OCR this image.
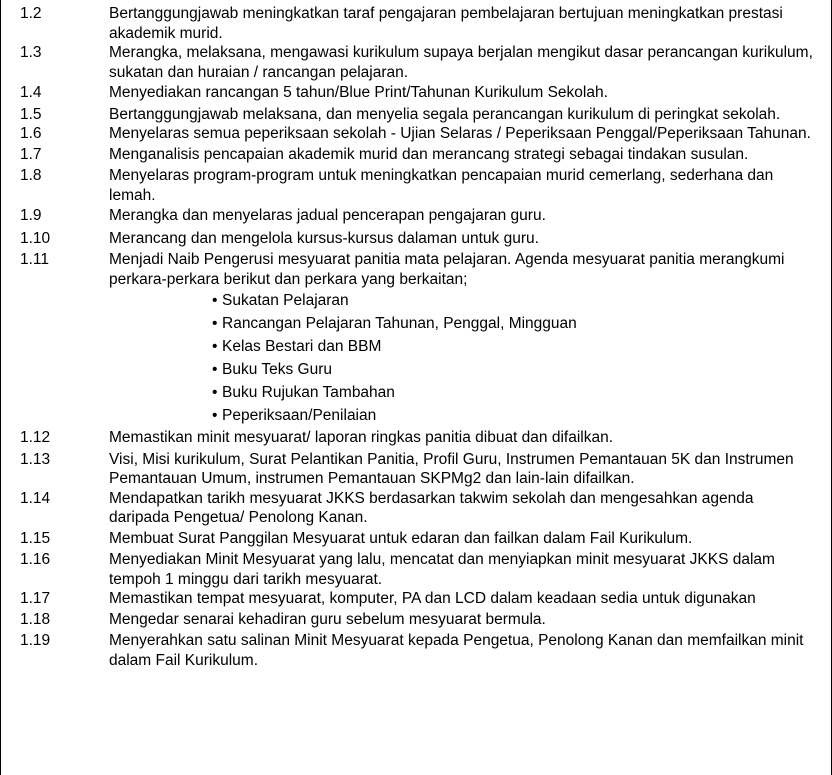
1.2	Bertanggungjawab meningkatkan taraf pengajaran pembelajaran bertujuan meningkatkan prestasi akademik murid.
1.3	Merangka, melaksana, mengawasi kurikulum supaya berjalan mengikut dasar perancangan kurikulum, sukatan dan huraian / rancangan pelajaran.
1.4	Menyediakan rancangan 5 tahun/Blue Print/Tahunan Kurikulum Sekolah.
1.5	Bertanggungjawab melaksana, dan menyelia segala perancangan kurikulum di peringkat sekolah.
1.6	Menyelaras semua peperiksaan sekolah - Ujian Selaras / Peperiksaan Penggal/Peperiksaan Tahunan.
1.7	Menganalisis pencapaian akademik murid dan merancang strategi sebagai tindakan susulan.
1.8	Menyelaras program-program untuk meningkatkan pencapaian murid cemerlang, sederhana dan lemah.
1.9	Merangka dan menyelaras jadual pencerapan pengajaran guru.
1.10	Merancang dan mengelola kursus-kursus dalaman untuk guru.
1.11	Menjadi Naib Pengerusi mesyuarat panitia mata pelajaran. Agenda mesyuarat panitia merangkumi perkara-perkara berikut dan perkara yang berkaitan;
• Sukatan Pelajaran
• Rancangan Pelajaran Tahunan, Penggal, Mingguan
• Kelas Bestari dan BBM
• Buku Teks Guru
• Buku Rujukan Tambahan
• Peperiksaan/Penilaian
1.12	Memastikan minit mesyuarat/ laporan ringkas panitia dibuat dan difailkan.
1.13	Visi, Misi kurikulum, Surat Pelantikan Panitia, Profil Guru, Instrumen Pemantauan 5K dan Instrumen Pemantauan Umum, instrumen Pemantauan SKPMg2 dan lain-lain difailkan.
1.14	Mendapatkan tarikh mesyuarat JKKS berdasarkan takwim sekolah dan mengesahkan agenda daripada Pengetua/ Penolong Kanan.
1.15	Membuat Surat Panggilan Mesyuarat untuk edaran dan failkan dalam Fail Kurikulum.
1.16	Menyediakan Minit Mesyuarat yang lalu, mencatat dan menyiapkan minit mesyuarat JKKS dalam tempoh 1 minggu dari tarikh mesyuarat.
1.17	Memastikan tempat mesyuarat, komputer, PA dan LCD dalam keadaan sedia untuk digunakan
1.18	Mengedar senarai kehadiran guru sebelum mesyuarat bermula.
1.19	Menyerahkan satu salinan Minit Mesyuarat kepada Pengetua, Penolong Kanan dan memfailkan minit dalam Fail Kurikulum.
